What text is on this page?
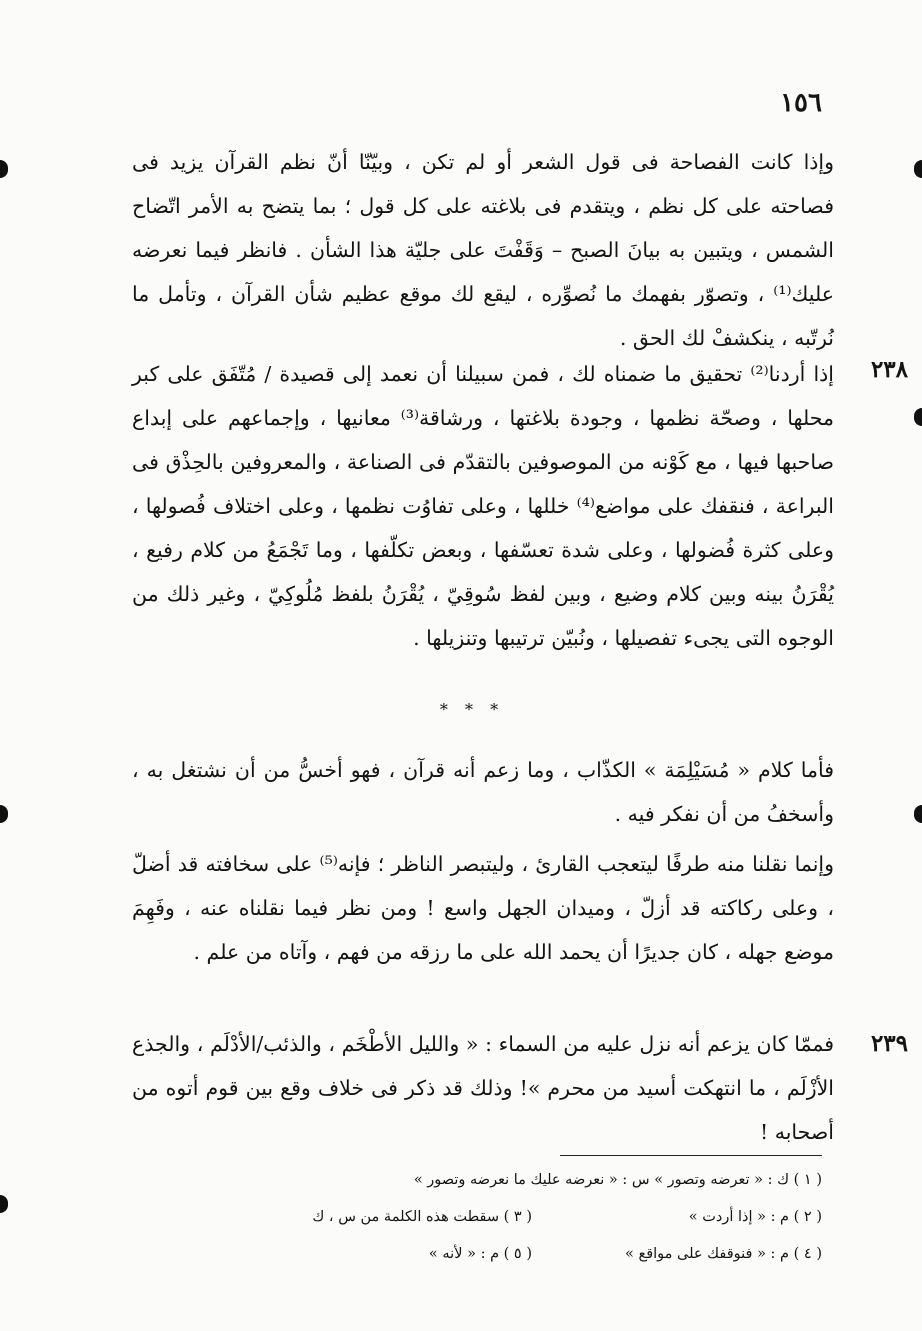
١٥٦
٢٣٨
٢٣٩

وإذا كانت الفصاحة فى قول الشعر أو لم تكن ، وبيّنّا أنّ نظم القرآن يزيد فى فصاحته على كل نظم ، ويتقدم فى بلاغته على كل قول ؛ بما يتضح به الأمر اتّضاح الشمس ، ويتبين به بيانَ الصبح – وَقَفْتَ على جليّة هذا الشأن . فانظر فيما نعرضه عليك⁽¹⁾ ، وتصوّر بفهمك ما نُصوِّره ، ليقع لك موقع عظيم شأن القرآن ، وتأمل ما نُرتّبه ، ينكشفْ لك الحق .

إذا أردنا⁽²⁾ تحقيق ما ضمناه لك ، فمن سبيلنا أن نعمد إلى قصيدة / مُتّفَق على كبر محلها ، وصحّة نظمها ، وجودة بلاغتها ، ورشاقة⁽³⁾ معانيها ، وإجماعهم على إبداع صاحبها فيها ، مع كَوْنه من الموصوفين بالتقدّم فى الصناعة ، والمعروفين بالحِذْق فى البراعة ، فنقفك على مواضع⁽⁴⁾ خللها ، وعلى تفاوُت نظمها ، وعلى اختلاف فُصولها ، وعلى كثرة فُضولها ، وعلى شدة تعسّفها ، وبعض تكلّفها ، وما تَجْمَعُ من كلام رفيع ، يُقْرَنُ بينه وبين كلام وضيع ، وبين لفظ سُوقِيّ ، يُقْرَنُ بلفظ مُلُوكِيّ ، وغير ذلك من الوجوه التى يجىء تفصيلها ، ونُبيّن ترتيبها وتنزيلها .

* * *

فأما كلام « مُسَيْلِمَة » الكذّاب ، وما زعم أنه قرآن ، فهو أخسُّ من أن نشتغل به ، وأسخفُ من أن نفكر فيه .

وإنما نقلنا منه طرفًا ليتعجب القارئ ، وليتبصر الناظر ؛ فإنه⁽⁵⁾ على سخافته قد أضلّ ، وعلى ركاكته قد أزلّ ، وميدان الجهل واسع ! ومن نظر فيما نقلناه عنه ، وفَهِمَ موضع جهله ، كان جديرًا أن يحمد الله على ما رزقه من فهم ، وآتاه من علم .

فممّا كان يزعم أنه نزل عليه من السماء : « والليل الأطْخَم ، والذئب/الأدْلَم ، والجذع الأزْلَم ، ما انتهكت أسيد من محرم »! وذلك قد ذكر فى خلاف وقع بين قوم أتوه من أصحابه !

( ١ ) ك : « تعرضه وتصور » س : « نعرضه عليك ما نعرضه وتصور »
( ٢ ) م : « إذا أردت »
( ٣ ) سقطت هذه الكلمة من س ، ك
( ٤ ) م : « فنوقفك على مواقع »
( ٥ ) م : « لأنه »
